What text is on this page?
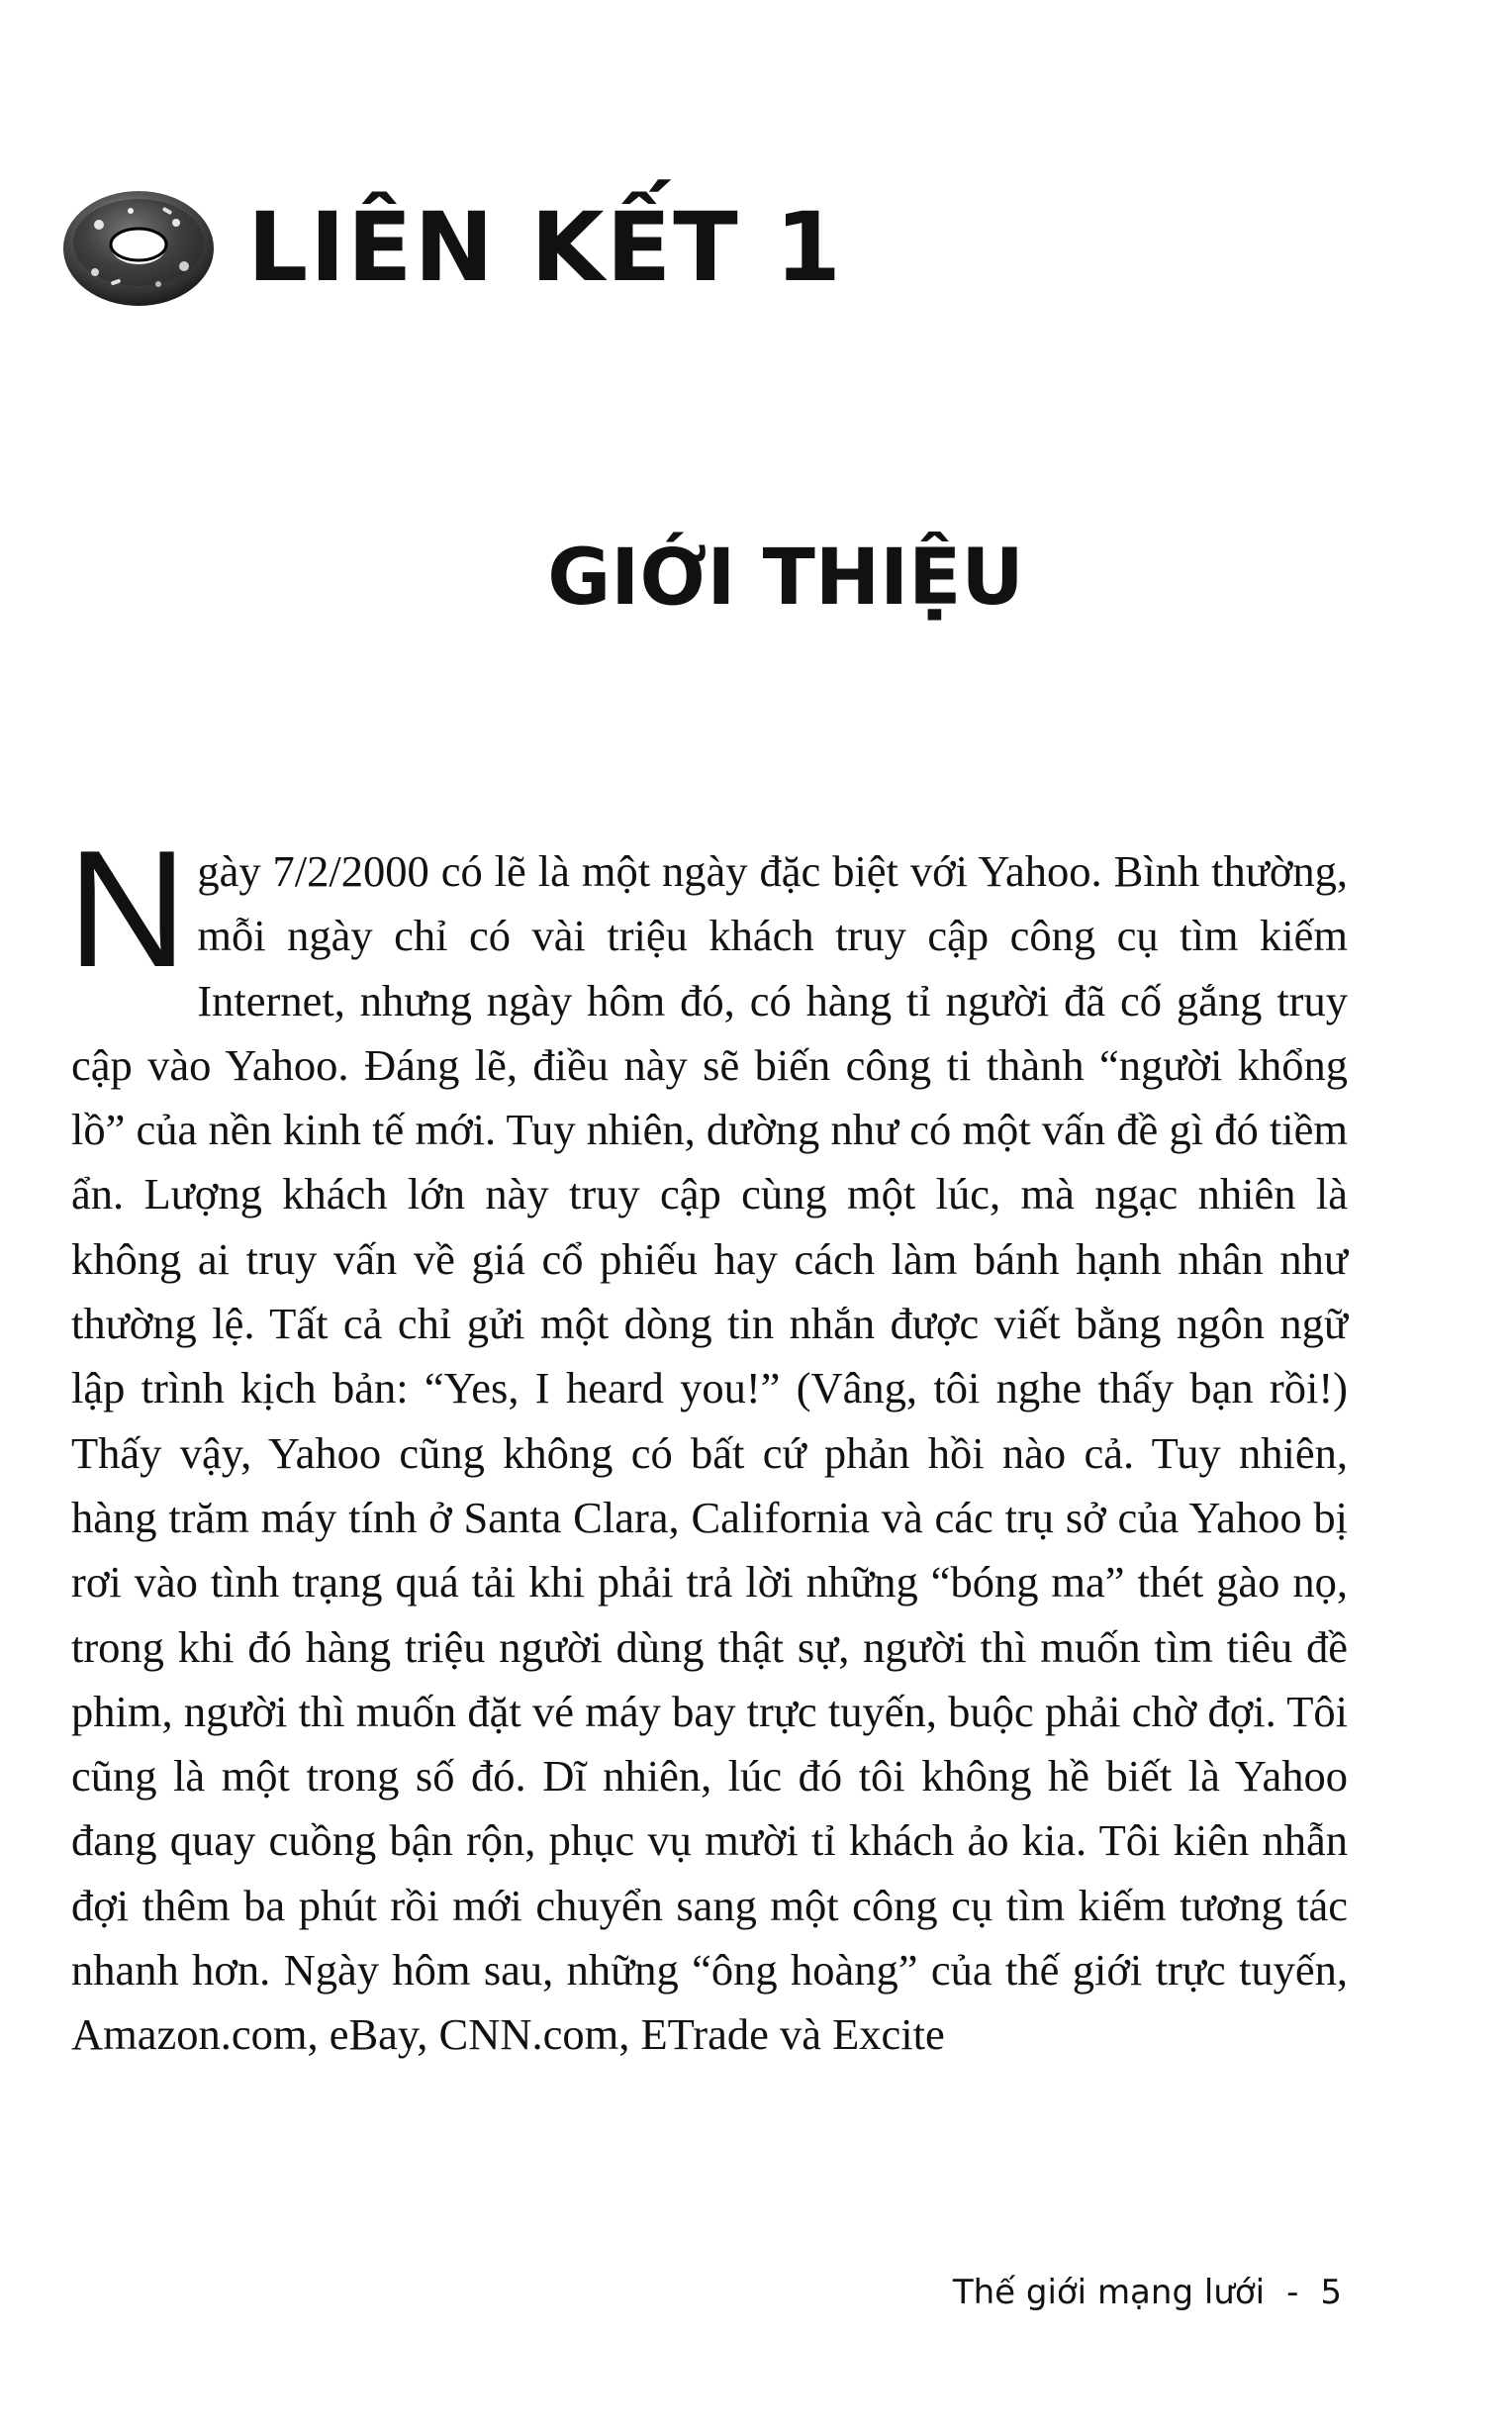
LIÊN KẾT 1
GIỚI THIỆU

Ngày 7/2/2000 có lẽ là một ngày đặc biệt với Yahoo. Bình thường, mỗi ngày chỉ có vài triệu khách truy cập công cụ tìm kiếm Internet, nhưng ngày hôm đó, có hàng tỉ người đã cố gắng truy cập vào Yahoo. Đáng lẽ, điều này sẽ biến công ti thành “người khổng lồ” của nền kinh tế mới. Tuy nhiên, dường như có một vấn đề gì đó tiềm ẩn. Lượng khách lớn này truy cập cùng một lúc, mà ngạc nhiên là không ai truy vấn về giá cổ phiếu hay cách làm bánh hạnh nhân như thường lệ. Tất cả chỉ gửi một dòng tin nhắn được viết bằng ngôn ngữ lập trình kịch bản: “Yes, I heard you!” (Vâng, tôi nghe thấy bạn rồi!) Thấy vậy, Yahoo cũng không có bất cứ phản hồi nào cả. Tuy nhiên, hàng trăm máy tính ở Santa Clara, California và các trụ sở của Yahoo bị rơi vào tình trạng quá tải khi phải trả lời những “bóng ma” thét gào nọ, trong khi đó hàng triệu người dùng thật sự, người thì muốn tìm tiêu đề phim, người thì muốn đặt vé máy bay trực tuyến, buộc phải chờ đợi. Tôi cũng là một trong số đó. Dĩ nhiên, lúc đó tôi không hề biết là Yahoo đang quay cuồng bận rộn, phục vụ mười tỉ khách ảo kia. Tôi kiên nhẫn đợi thêm ba phút rồi mới chuyển sang một công cụ tìm kiếm tương tác nhanh hơn. Ngày hôm sau, những “ông hoàng” của thế giới trực tuyến, Amazon.com, eBay, CNN.com, ETrade và Excite

Thế giới mạng lưới - 5
